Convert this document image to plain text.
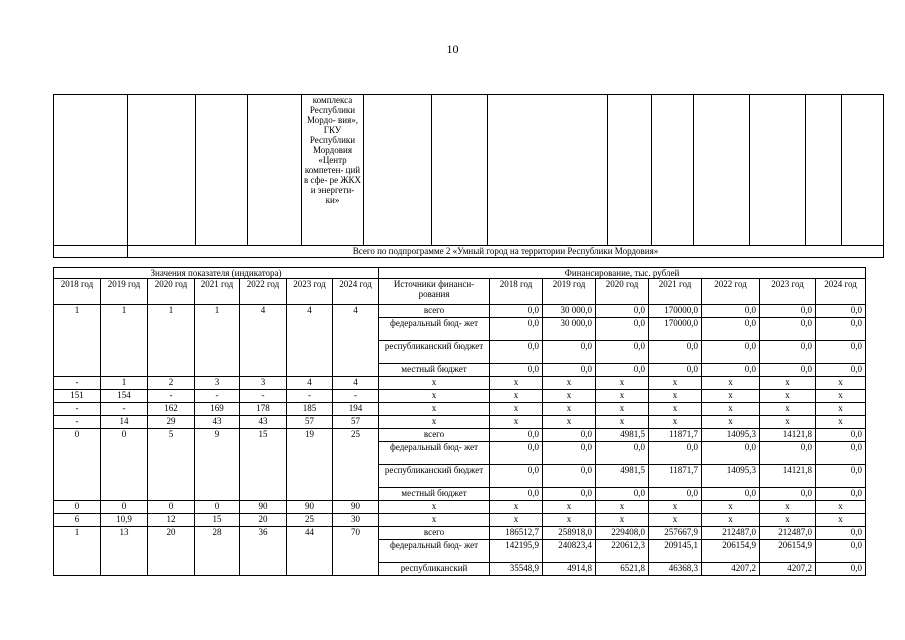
10
				комплекса Республики Мордо- вия», ГКУ Республики Мордовия «Центр компетен- ций в сфе- ре ЖКХ и энергети- ки»									
	Всего по подпрограмме 2 «Умный город на территории Республики Мордовия»												
Значения показателя (индикатора)							Финансирование, тыс. рублей							
2018 год	2019 год	2020 год	2021 год	2022 год	2023 год	2024 год	Источники финанси- рования	2018 год	2019 год	2020 год	2021 год	2022 год	2023 год	2024 год
1	1	1	1	4	4	4	всего	0,0	30 000,0	0,0	170000,0	0,0	0,0	0,0
							федеральный бюд- жет	0,0	30 000,0	0,0	170000,0	0,0	0,0	0,0
							республиканский бюджет	0,0	0,0	0,0	0,0	0,0	0,0	0,0
							местный бюджет	0,0	0,0	0,0	0,0	0,0	0,0	0,0
-	1	2	3	3	4	4	x	x	x	x	x	x	x	x
151	154	-	-	-	-	-	x	x	x	x	x	x	x	x
-	-	162	169	178	185	194	x	x	x	x	x	x	x	x
-	14	29	43	43	57	57	x	x	x	x	x	x	x	x
0	0	5	9	15	19	25	всего	0,0	0,0	4981,5	11871,7	14095,3	14121,8	0,0
							федеральный бюд- жет	0,0	0,0	0,0	0,0	0,0	0,0	0,0
							республиканский бюджет	0,0	0,0	4981,5	11871,7	14095,3	14121,8	0,0
							местный бюджет	0,0	0,0	0,0	0,0	0,0	0,0	0,0
0	0	0	0	90	90	90	x	x	x	x	x	x	x	x
6	10,9	12	15	20	25	30	x	x	x	x	x	x	x	x
1	13	20	28	36	44	70	всего	186512,7	258918,0	229408,0	257667,9	212487,0	212487,0	0,0
							федеральный бюд- жет	142195,9	240823,4	220612,3	209145,1	206154,9	206154,9	0,0
							республиканский	35548,9	4914,8	6521,8	46368,3	4207,2	4207,2	0,0
